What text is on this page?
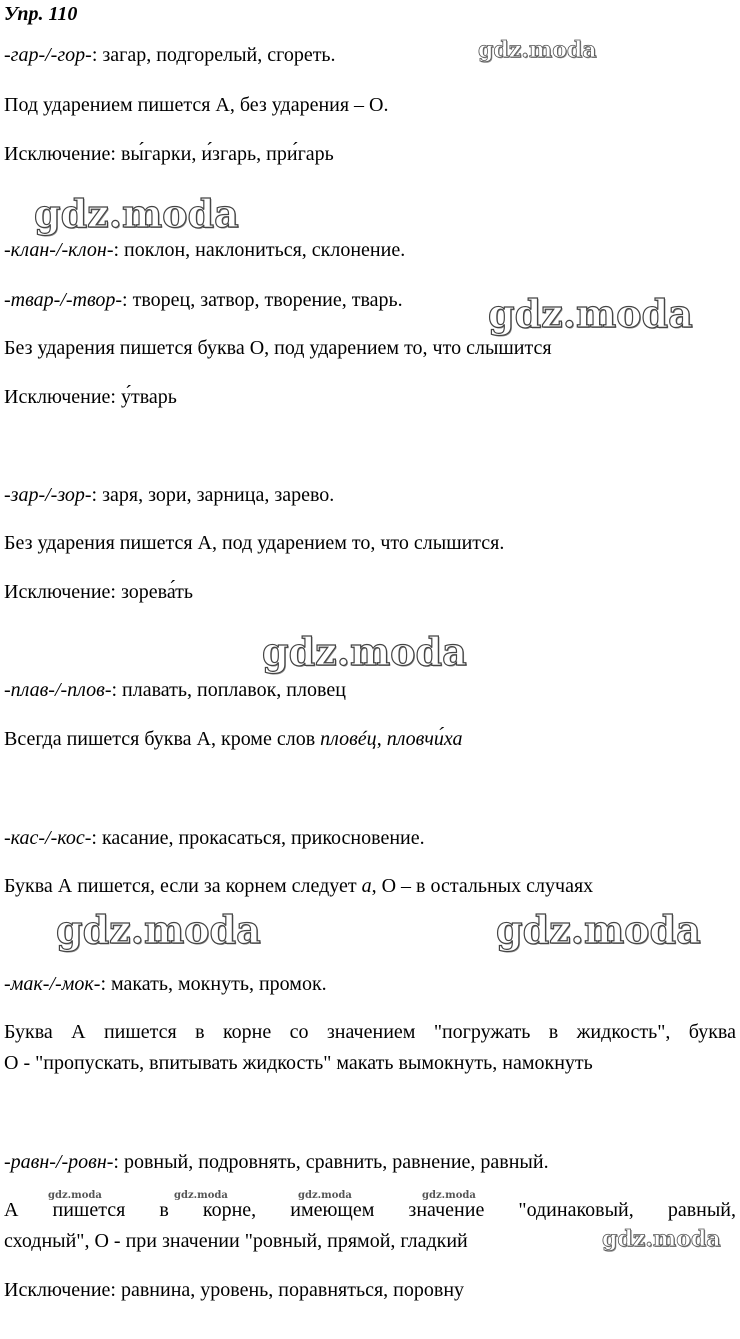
Упр. 110
-гар-/-гор-: загар, подгорелый, сгореть.
Под ударением пишется А, без ударения – О.
Исключение: вы́гарки, и́згарь, при́гарь
-клан-/-клон-: поклон, наклониться, склонение.
-твар-/-твор-: творец, затвор, творение, тварь.
Без ударения пишется буква О, под ударением то, что слышится
Исключение: у́тварь
-зар-/-зор-: заря, зори, зарница, зарево.
Без ударения пишется А, под ударением то, что слышится.
Исключение: зорева́ть
-плав-/-плов-: плавать, поплавок, пловец
Всегда пишется буква А, кроме слов пловéц, пловчи́ха
-кас-/-кос-: касание, прокасаться, прикосновение.
Буква А пишется, если за корнем следует а, О – в остальных случаях
-мак-/-мок-: макать, мокнуть, промок.
Буква А пишется в корне со значением "погружать в жидкость", буква
О - "пропускать, впитывать жидкость" макать вымокнуть, намокнуть
-равн-/-ровн-: ровный, подровнять, сравнить, равнение, равный.
А пишется в корне, имеющем значение "одинаковый, равный,
сходный", О - при значении "ровный, прямой, гладкий
Исключение: равнина, уровень, поравняться, поровну
gdz.moda
gdz.moda
gdz.moda
gdz.moda
gdz.moda	gdz.moda
gdz.moda	gdz.moda	gdz.moda	gdz.moda
gdz.moda
